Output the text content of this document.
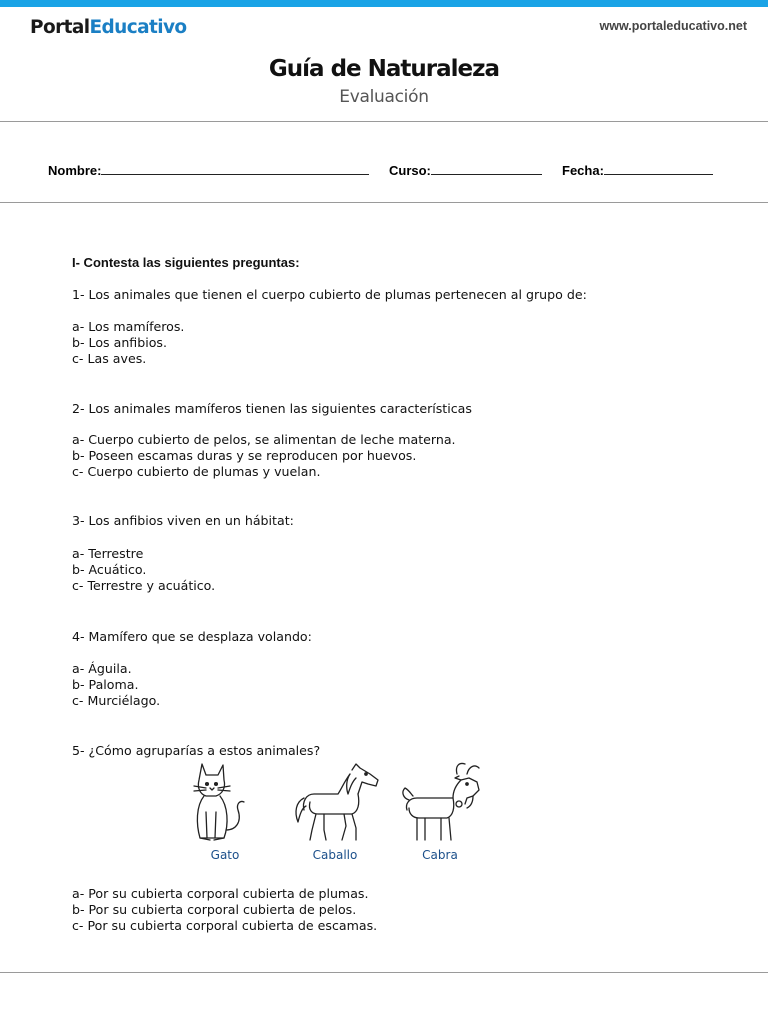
PortalEducativo	www.portaleducativo.net
Guía de Naturaleza
Evaluación
Nombre:	Curso:	Fecha:

I- Contesta las siguientes preguntas:

1- Los animales que tienen el cuerpo cubierto de plumas pertenecen al grupo de:

a- Los mamíferos.

b- Los anfibios.

c- Las aves.

2- Los animales mamíferos tienen las siguientes características

a- Cuerpo cubierto de pelos, se alimentan de leche materna.

b- Poseen escamas duras y se reproducen por huevos.

c- Cuerpo cubierto de plumas y vuelan.

3- Los anfibios viven en un hábitat:

a- Terrestre

b- Acuático.

c- Terrestre y acuático.

4- Mamífero que se desplaza volando:

a- Águila.

b- Paloma.

c- Murciélago.

5- ¿Cómo agruparías a estos animales?

a- Por su cubierta corporal cubierta de plumas.

b- Por su cubierta corporal cubierta de pelos.

c- Por su cubierta corporal cubierta de escamas.

Gato	Caballo	Cabra
